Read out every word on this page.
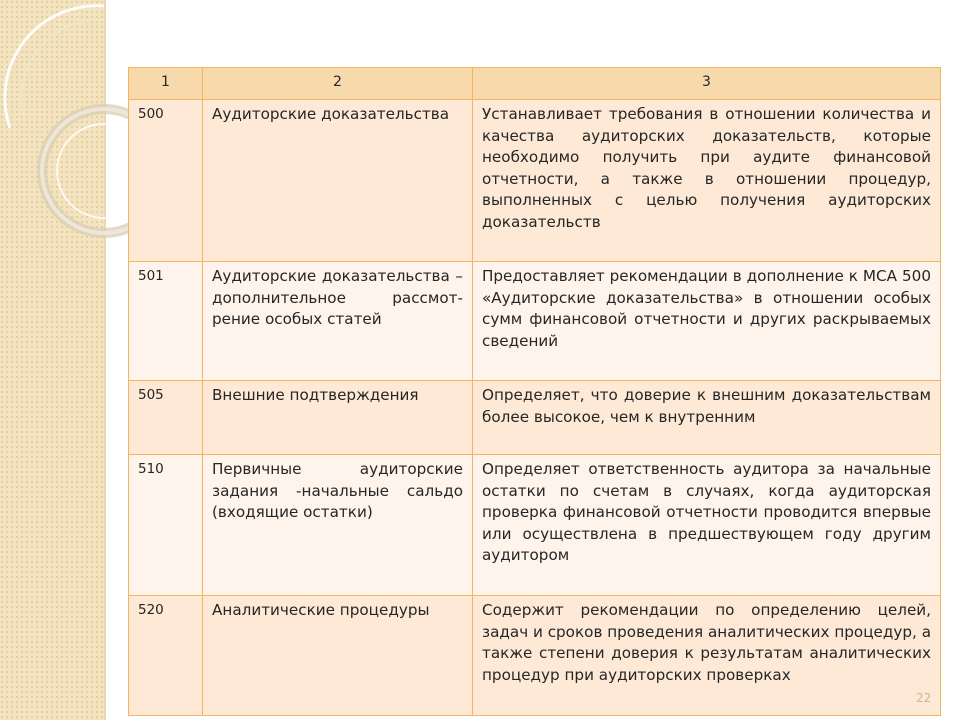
1	2	3
500	Аудиторские доказательства	Устанавливает требования в отношении количества и качества аудиторских доказательств, которые необходимо получить при аудите финансовой отчетности, а также в отношении процедур, выполненных с целью получения аудиторских доказательств
501	Аудиторские доказательства – дополнительное рассмот-рение особых статей	Предоставляет рекомендации в дополнение к МСА 500 «Аудиторские доказательства» в отношении особых сумм финансовой отчетности и других раскрываемых сведений
505	Внешние подтверждения	Определяет, что доверие к внешним доказательствам более высокое, чем к внутренним
510	Первичные аудиторские задания -начальные сальдо (входящие остатки)	Определяет ответственность аудитора за начальные остатки по счетам в случаях, когда аудиторская проверка финансовой отчетности проводится впервые или осуществлена в предшествующем году другим аудитором
520	Аналитические процедуры	Содержит рекомендации по определению целей, задач и сроков проведения аналитических процедур, а также степени доверия к результатам аналитических процедур при аудиторских проверках
22
